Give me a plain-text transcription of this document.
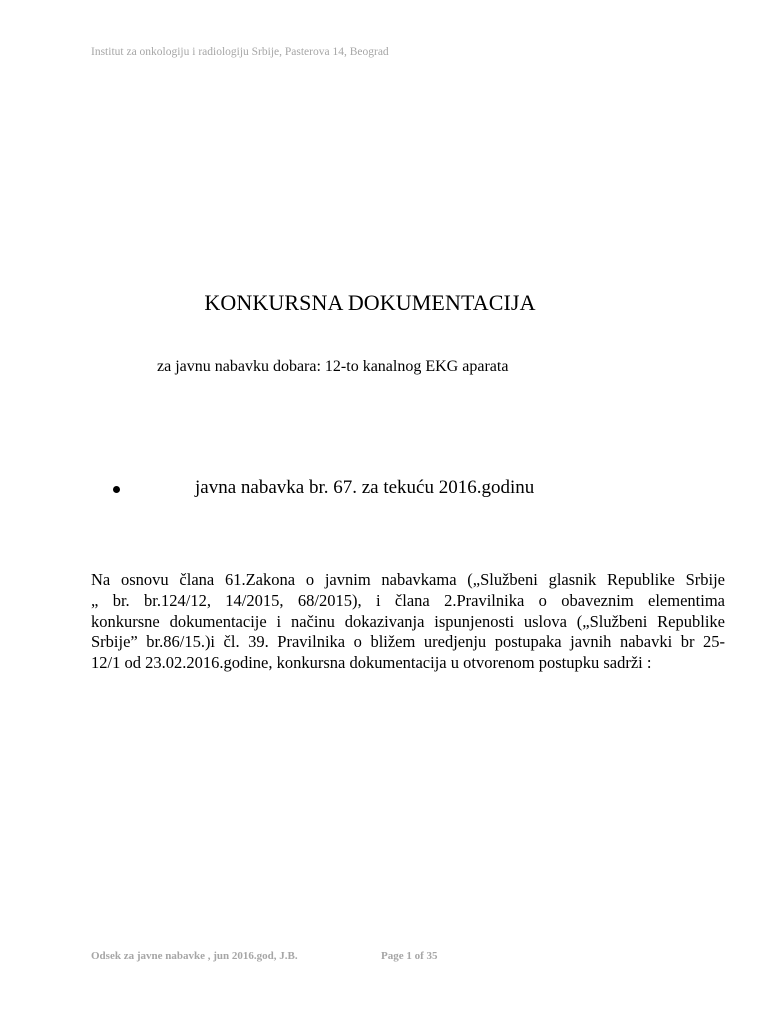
Institut za onkologiju i radiologiju Srbije, Pasterova 14, Beograd
KONKURSNA DOKUMENTACIJA
za javnu nabavku dobara: 12-to kanalnog EKG aparata
javna nabavka br. 67. za tekuću 2016.godinu
Na osnovu člana 61.Zakona o javnim nabavkama („Službeni glasnik Republike Srbije
„ br. br.124/12, 14/2015, 68/2015), i člana 2.Pravilnika o obaveznim elementima
konkursne dokumentacije i načinu dokazivanja ispunjenosti uslova („Službeni Republike
Srbije” br.86/15.)i čl. 39. Pravilnika o bližem uredjenju postupaka javnih nabavki br 25-
12/1 od 23.02.2016.godine, konkursna dokumentacija u otvorenom postupku sadrži :
Odsek za javne nabavke , jun 2016.god, J.B.	Page 1 of 35
